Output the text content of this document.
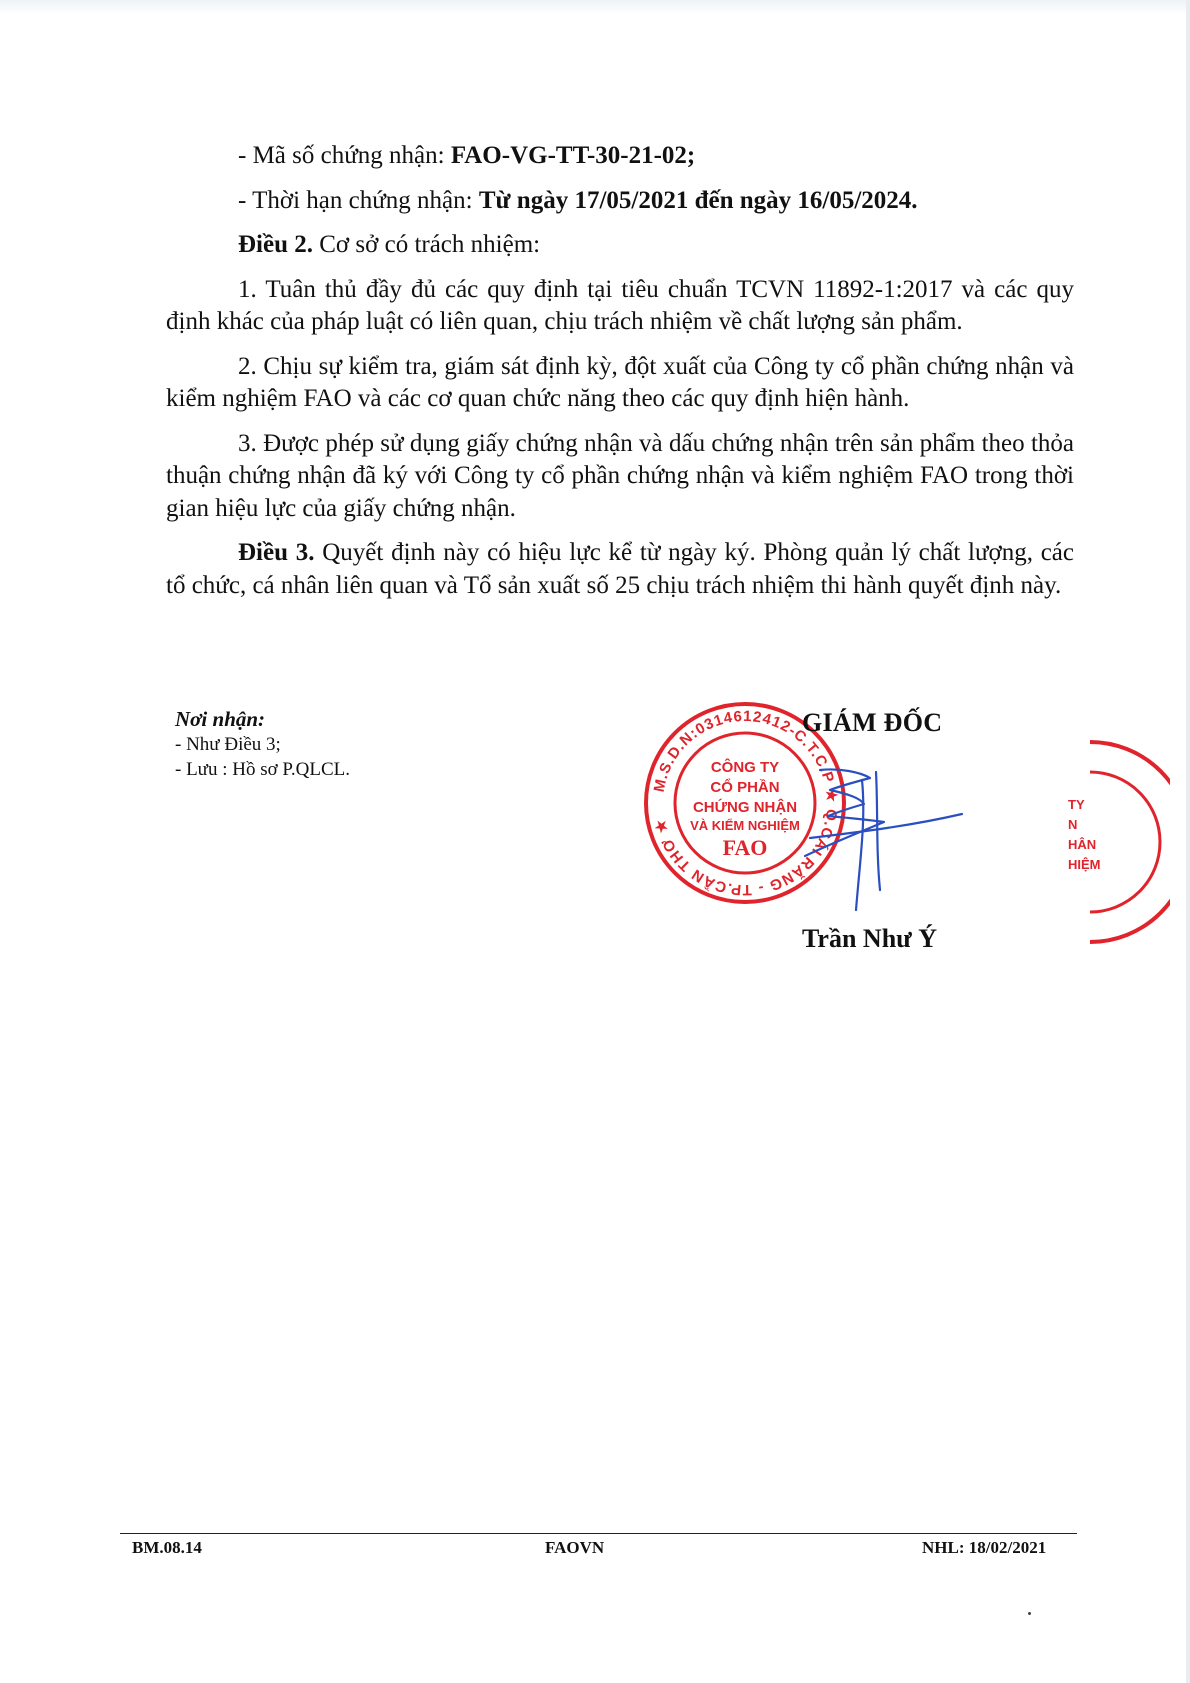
- Mã số chứng nhận: FAO-VG-TT-30-21-02;

- Thời hạn chứng nhận: Từ ngày 17/05/2021 đến ngày 16/05/2024.

Điều 2. Cơ sở có trách nhiệm:

1. Tuân thủ đầy đủ các quy định tại tiêu chuẩn TCVN 11892-1:2017 và các quy định khác của pháp luật có liên quan, chịu trách nhiệm về chất lượng sản phẩm.

2. Chịu sự kiểm tra, giám sát định kỳ, đột xuất của Công ty cổ phần chứng nhận và kiểm nghiệm FAO và các cơ quan chức năng theo các quy định hiện hành.

3. Được phép sử dụng giấy chứng nhận và dấu chứng nhận trên sản phẩm theo thỏa thuận chứng nhận đã ký với Công ty cổ phần chứng nhận và kiểm nghiệm FAO trong thời gian hiệu lực của giấy chứng nhận.

Điều 3. Quyết định này có hiệu lực kể từ ngày ký. Phòng quản lý chất lượng, các tổ chức, cá nhân liên quan và Tổ sản xuất số 25 chịu trách nhiệm thi hành quyết định này.

Nơi nhận:
- Như Điều 3;
- Lưu : Hồ sơ P.QLCL.
M.S.D.N:0314612412-C.T.C.P ★ Q.CÁI RĂNG - TP.CẦN THƠ ★
CÔNG TY
CỔ PHẦN
CHỨNG NHẬN
VÀ KIỂM NGHIỆM
FAO
TY
N
HÂN
HIỆM
GIÁM ĐỐC
Trần Như Ý
BM.08.14	FAOVN	NHL: 18/02/2021
